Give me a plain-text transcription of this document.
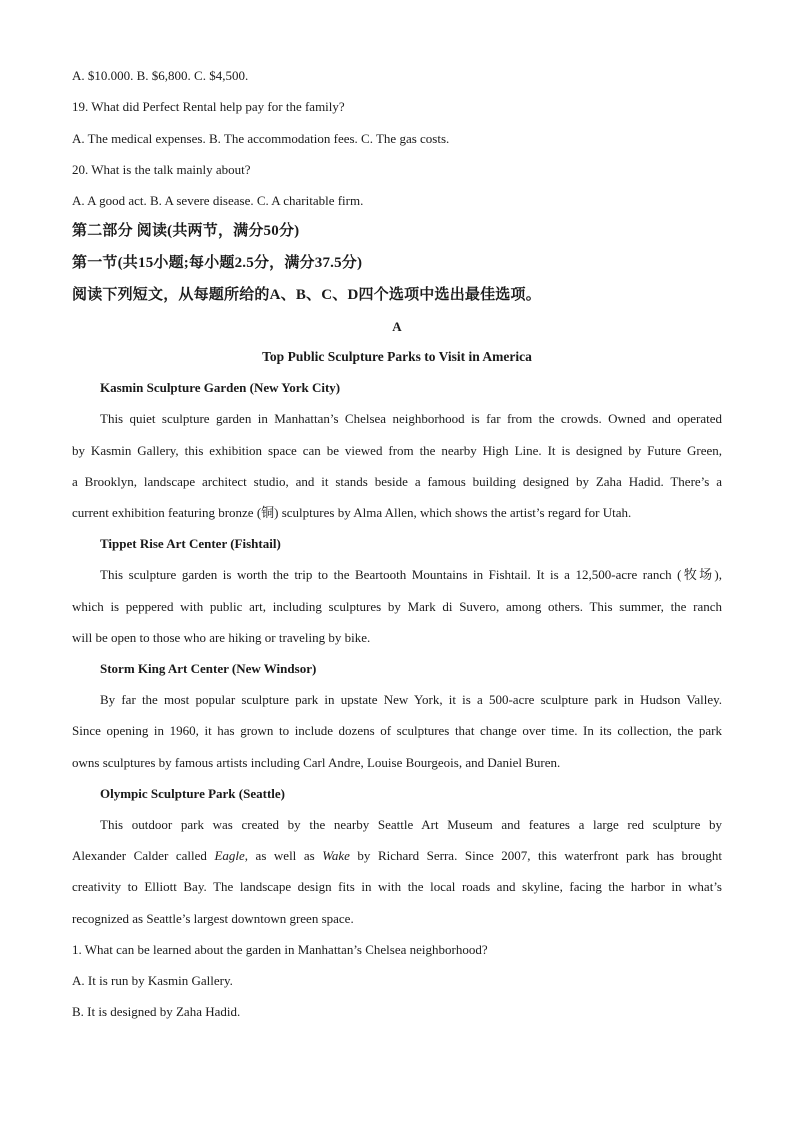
A. $10.000. B. $6,800. C. $4,500.
19. What did Perfect Rental help pay for the family?
A. The medical expenses. B. The accommodation fees. C. The gas costs.
20. What is the talk mainly about?
A. A good act. B. A severe disease. C. A charitable firm.
第二部分 阅读(共两节，满分50分)
第一节(共15小题;每小题2.5分，满分37.5分)
阅读下列短文，从每题所给的A、B、C、D四个选项中选出最佳选项。
A
Top Public Sculpture Parks to Visit in America
Kasmin Sculpture Garden (New York City)
This quiet sculpture garden in Manhattan’s Chelsea neighborhood is far from the crowds. Owned and operated
by Kasmin Gallery, this exhibition space can be viewed from the nearby High Line. It is designed by Future Green,
a Brooklyn, landscape architect studio, and it stands beside a famous building designed by Zaha Hadid. There’s a
current exhibition featuring bronze (铜) sculptures by Alma Allen, which shows the artist’s regard for Utah.
Tippet Rise Art Center (Fishtail)
This sculpture garden is worth the trip to the Beartooth Mountains in Fishtail. It is a 12,500-acre ranch (牧场),
which is peppered with public art, including sculptures by Mark di Suvero, among others. This summer, the ranch
will be open to those who are hiking or traveling by bike.
Storm King Art Center (New Windsor)
By far the most popular sculpture park in upstate New York, it is a 500-acre sculpture park in Hudson Valley.
Since opening in 1960, it has grown to include dozens of sculptures that change over time. In its collection, the park
owns sculptures by famous artists including Carl Andre, Louise Bourgeois, and Daniel Buren.
Olympic Sculpture Park (Seattle)
This outdoor park was created by the nearby Seattle Art Museum and features a large red sculpture by
Alexander Calder called Eagle, as well as Wake by Richard Serra. Since 2007, this waterfront park has brought
creativity to Elliott Bay. The landscape design fits in with the local roads and skyline, facing the harbor in what’s
recognized as Seattle’s largest downtown green space.
1. What can be learned about the garden in Manhattan’s Chelsea neighborhood?
A. It is run by Kasmin Gallery.
B. It is designed by Zaha Hadid.
